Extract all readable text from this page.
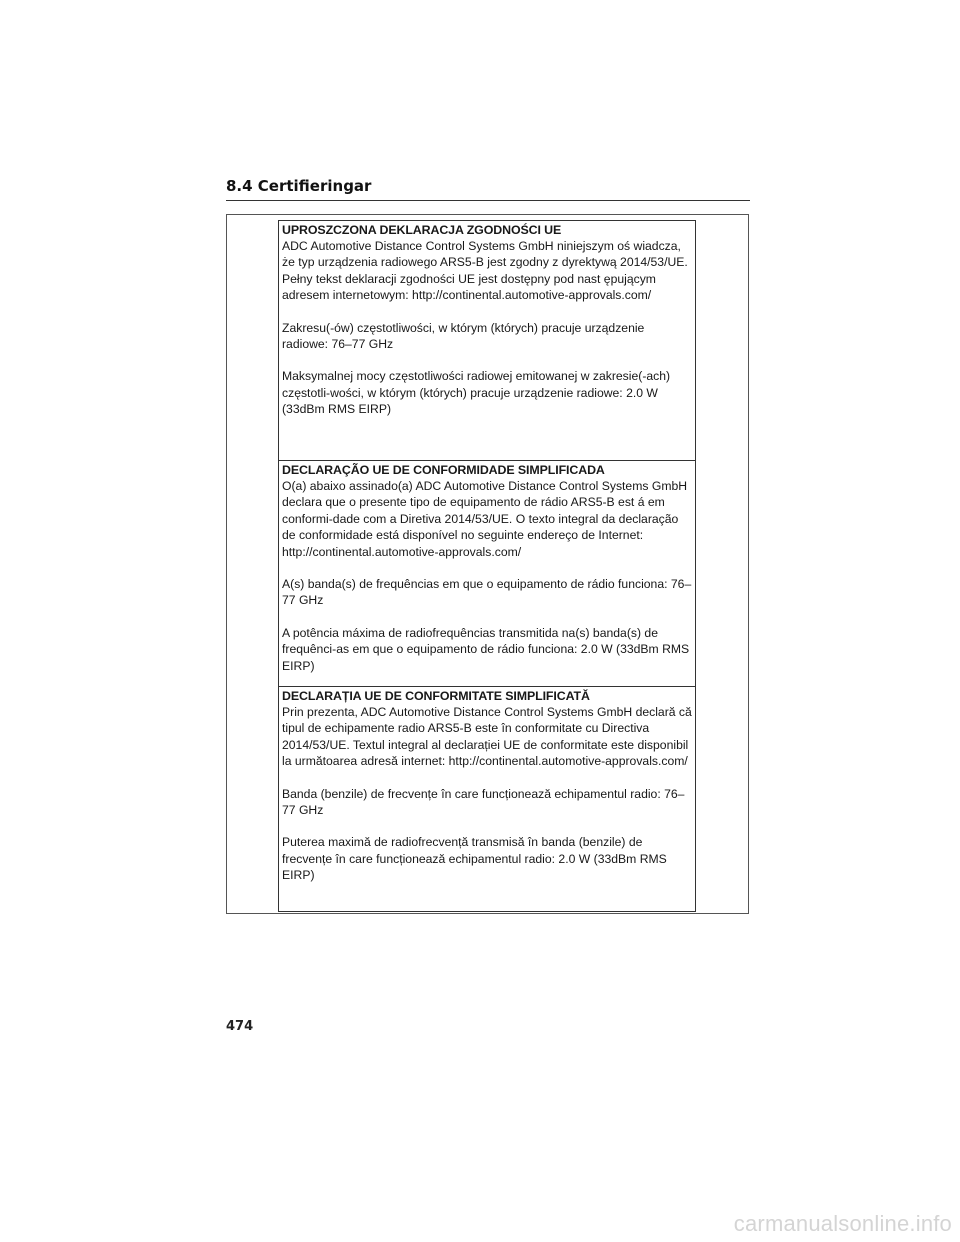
8.4 Certifieringar

UPROSZCZONA DEKLARACJA ZGODNOŚCI UE

ADC Automotive Distance Control Systems GmbH niniejszym oś wiadcza, że typ urządzenia radiowego ARS5-B jest zgodny z dyrektywą 2014/53/UE. Pełny tekst deklaracji zgodności UE jest dostępny pod nast ępującym adresem internetowym: http://continental.automotive-approvals.com/

Zakresu(-ów) częstotliwości, w którym (których) pracuje urządzenie radiowe: 76–77 GHz

Maksymalnej mocy częstotliwości radiowej emitowanej w zakresie(-ach) częstotli-wości, w którym (których) pracuje urządzenie radiowe: 2.0 W (33dBm RMS EIRP)

DECLARAÇÃO UE DE CONFORMIDADE SIMPLIFICADA

O(a) abaixo assinado(a) ADC Automotive Distance Control Systems GmbH declara que o presente tipo de equipamento de rádio ARS5-B est á em conformi-dade com a Diretiva 2014/53/UE. O texto integral da declaração de conformidade está disponível no seguinte endereço de Internet: http://continental.automotive-approvals.com/

A(s) banda(s) de frequências em que o equipamento de rádio funciona: 76–77 GHz

A potência máxima de radiofrequências transmitida na(s) banda(s) de frequênci-as em que o equipamento de rádio funciona: 2.0 W (33dBm RMS EIRP)

DECLARAȚIA UE DE CONFORMITATE SIMPLIFICATĂ

Prin prezenta, ADC Automotive Distance Control Systems GmbH declară că tipul de echipamente radio ARS5-B este în conformitate cu Directiva 2014/53/UE. Textul integral al declarației UE de conformitate este disponibil la următoarea adresă internet: http://continental.automotive-approvals.com/

Banda (benzile) de frecvențe în care funcționează echipamentul radio: 76–77 GHz

Puterea maximă de radiofrecvență transmisă în banda (benzile) de frecvențe în care funcționează echipamentul radio: 2.0 W (33dBm RMS EIRP)

474
carmanualsonline.info
